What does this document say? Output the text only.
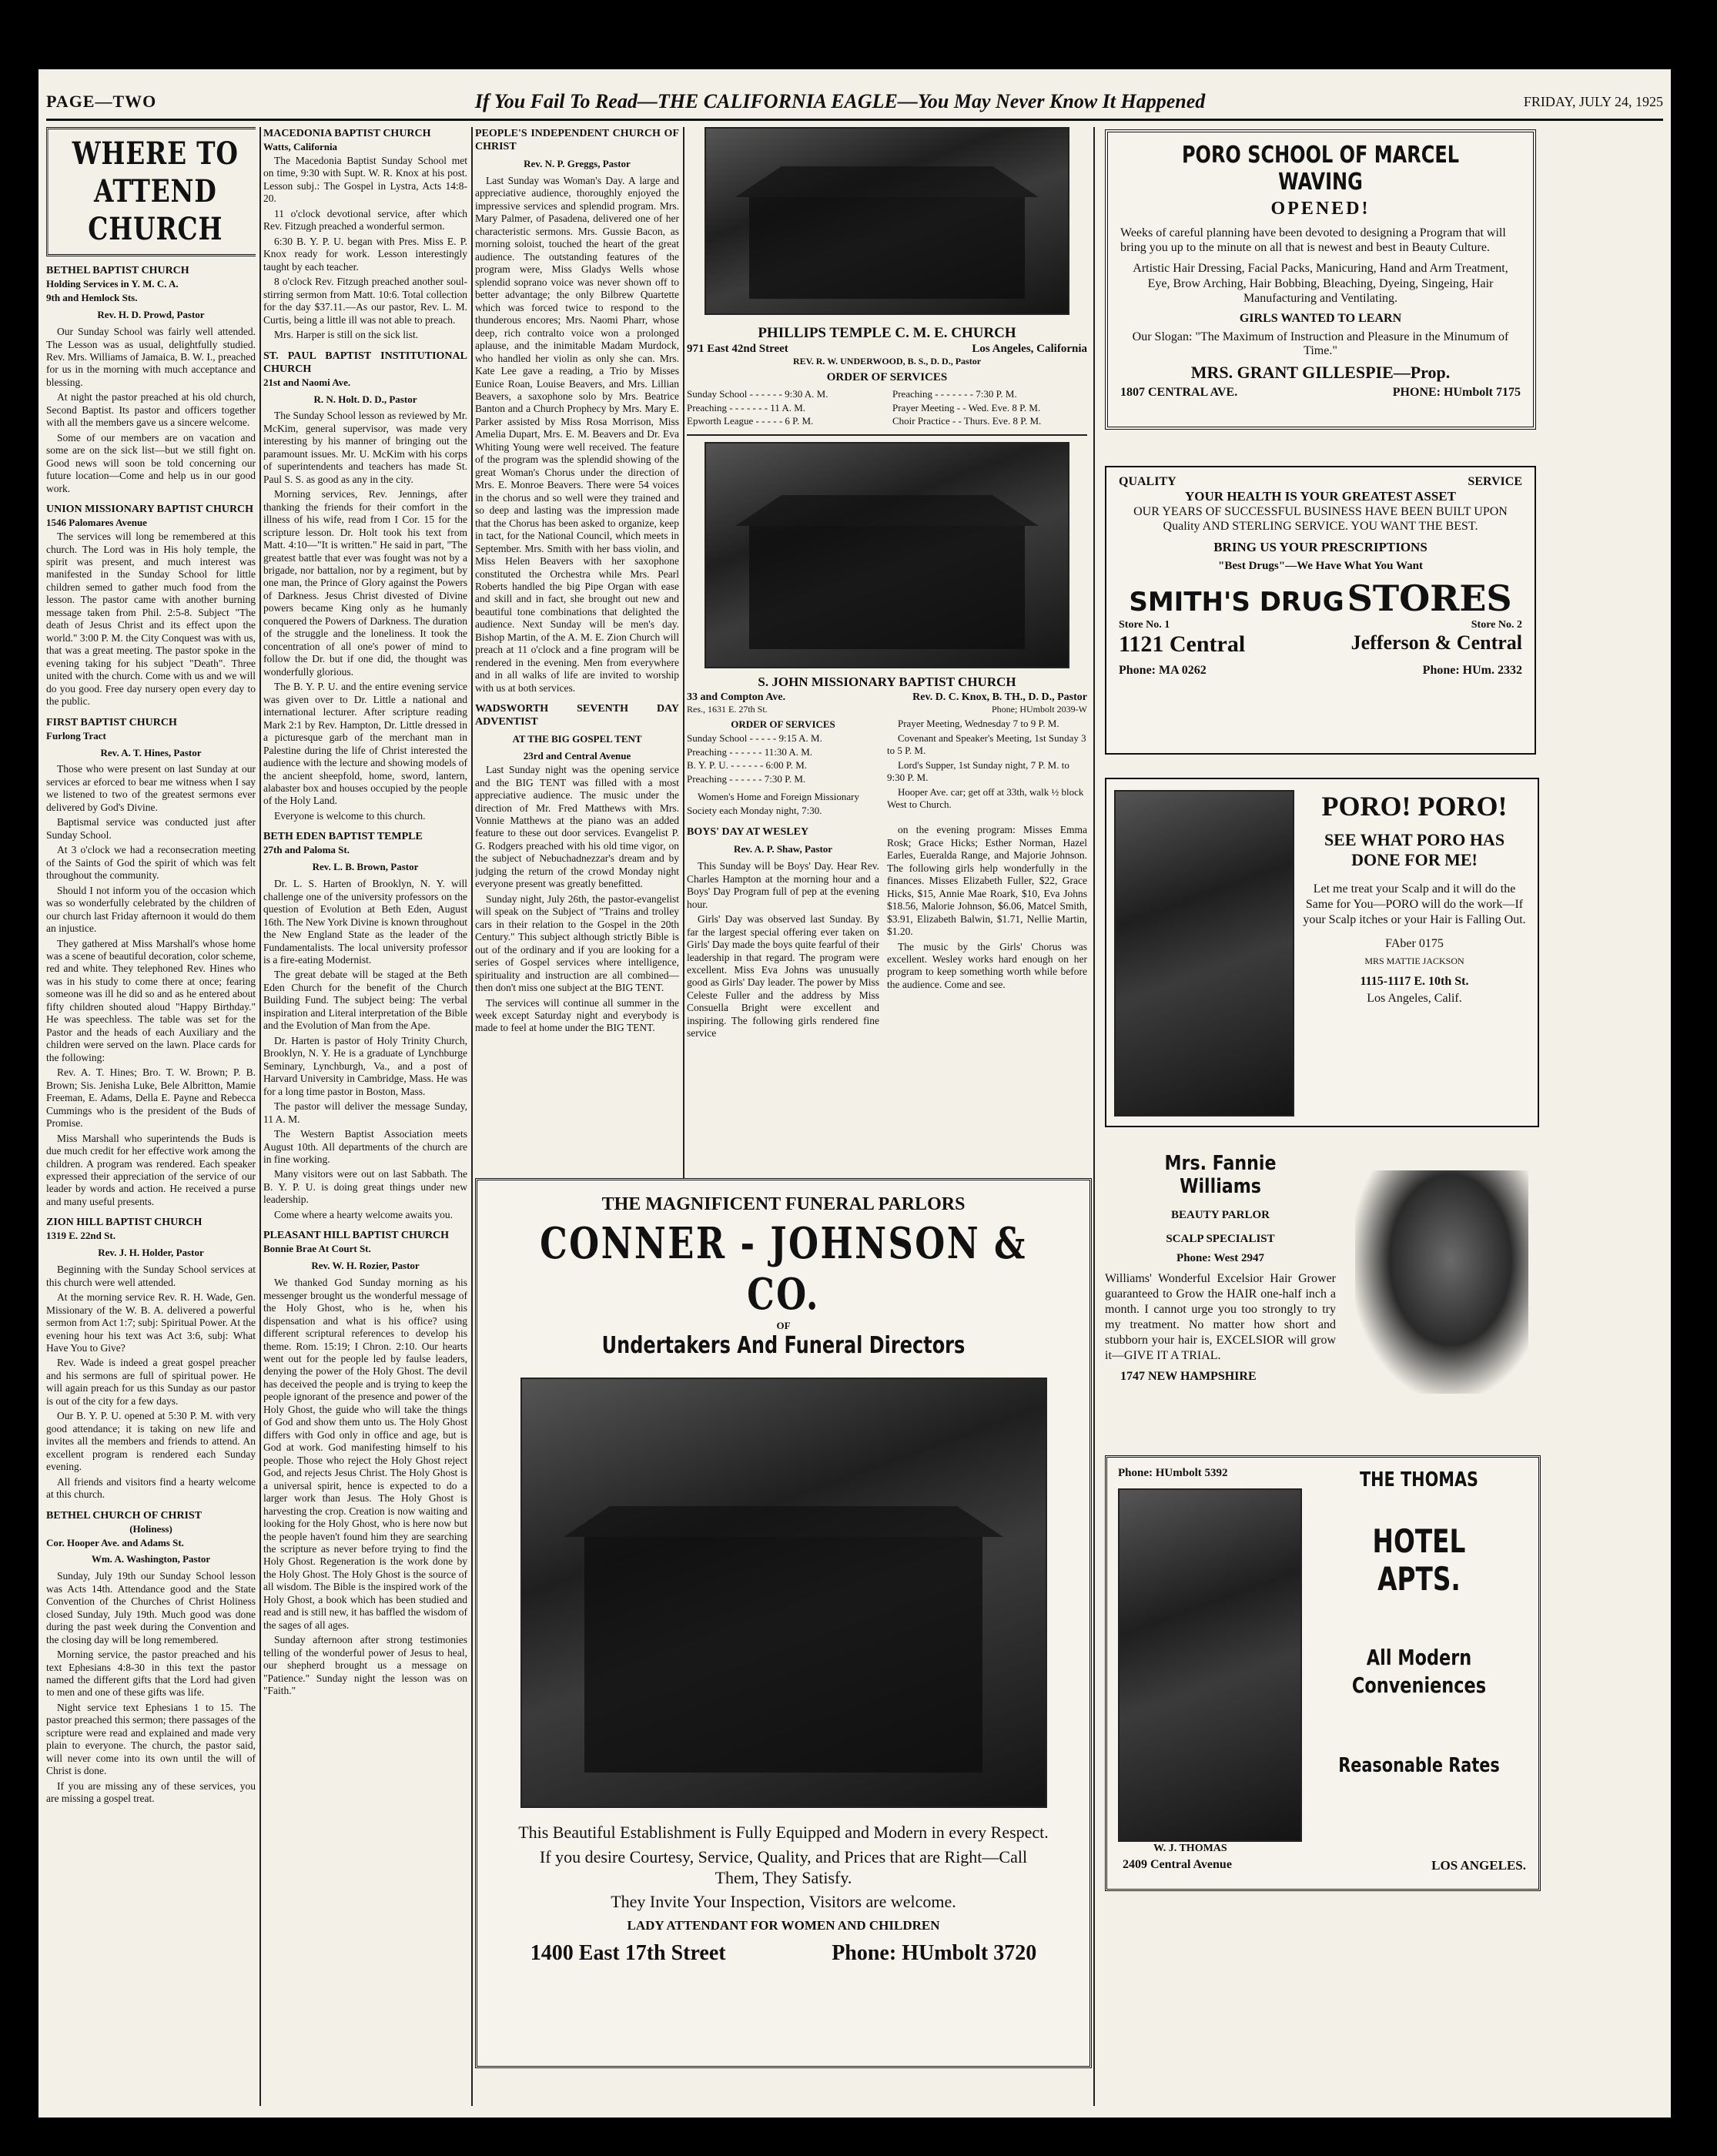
PAGE—TWO	If You Fail To Read—THE CALIFORNIA EAGLE—You May Never Know It Happened	FRIDAY, JULY 24, 1925
WHERE TO ATTEND CHURCH
BETHEL BAPTIST CHURCH
Holding Services in Y. M. C. A.
9th and Hemlock Sts.
Rev. H. D. Prowd, Pastor

Our Sunday School was fairly well attended. The Lesson was as usual, delightfully studied. Rev. Mrs. Williams of Jamaica, B. W. I., preached for us in the morning with much acceptance and blessing.

At night the pastor preached at his old church, Second Baptist. Its pastor and officers together with all the members gave us a sincere welcome.

Some of our members are on vacation and some are on the sick list—but we still fight on. Good news will soon be told concerning our future location—Come and help us in our good work.

UNION MISSIONARY BAPTIST CHURCH
1546 Palomares Avenue

The services will long be remembered at this church. The Lord was in His holy temple, the spirit was present, and much interest was manifested in the Sunday School for little children semed to gather much food from the lesson. The pastor came with another burning message taken from Phil. 2:5-8. Subject "The death of Jesus Christ and its effect upon the world." 3:00 P. M. the City Conquest was with us, that was a great meeting. The pastor spoke in the evening taking for his subject "Death". Three united with the church. Come with us and we will do you good. Free day nursery open every day to the public.

FIRST BAPTIST CHURCH
Furlong Tract
Rev. A. T. Hines, Pastor

Those who were present on last Sunday at our services ar eforced to bear me witness when I say we listened to two of the greatest sermons ever delivered by God's Divine.

Baptismal service was conducted just after Sunday School.

At 3 o'clock we had a reconsecration meeting of the Saints of God the spirit of which was felt throughout the community.

Should I not inform you of the occasion which was so wonderfully celebrated by the children of our church last Friday afternoon it would do them an injustice.

They gathered at Miss Marshall's whose home was a scene of beautiful decoration, color scheme, red and white. They telephoned Rev. Hines who was in his study to come there at once; fearing someone was ill he did so and as he entered about fifty children shouted aloud "Happy Birthday." He was speechless. The table was set for the Pastor and the heads of each Auxiliary and the children were served on the lawn. Place cards for the following:

Rev. A. T. Hines; Bro. T. W. Brown; P. B. Brown; Sis. Jenisha Luke, Bele Albritton, Mamie Freeman, E. Adams, Della E. Payne and Rebecca Cummings who is the president of the Buds of Promise.

Miss Marshall who superintends the Buds is due much credit for her effective work among the children. A program was rendered. Each speaker expressed their appreciation of the service of our leader by words and action. He received a purse and many useful presents.

ZION HILL BAPTIST CHURCH
1319 E. 22nd St.
Rev. J. H. Holder, Pastor

Beginning with the Sunday School services at this church were well attended.

At the morning service Rev. R. H. Wade, Gen. Missionary of the W. B. A. delivered a powerful sermon from Act 1:7; subj: Spiritual Power. At the evening hour his text was Act 3:6, subj: What Have You to Give?

Rev. Wade is indeed a great gospel preacher and his sermons are full of spiritual power. He will again preach for us this Sunday as our pastor is out of the city for a few days.

Our B. Y. P. U. opened at 5:30 P. M. with very good attendance; it is taking on new life and invites all the members and friends to attend. An excellent program is rendered each Sunday evening.

All friends and visitors find a hearty welcome at this church.

BETHEL CHURCH OF CHRIST
(Holiness)
Cor. Hooper Ave. and Adams St.
Wm. A. Washington, Pastor

Sunday, July 19th our Sunday School lesson was Acts 14th. Attendance good and the State Convention of the Churches of Christ Holiness closed Sunday, July 19th. Much good was done during the past week during the Convention and the closing day will be long remembered.

Morning service, the pastor preached and his text Ephesians 4:8-30 in this text the pastor named the different gifts that the Lord had given to men and one of these gifts was life.

Night service text Ephesians 1 to 15. The pastor preached this sermon; there passages of the scripture were read and explained and made very plain to everyone. The church, the pastor said, will never come into its own until the will of Christ is done.

If you are missing any of these services, you are missing a gospel treat.

MACEDONIA BAPTIST CHURCH
Watts, California

The Macedonia Baptist Sunday School met on time, 9:30 with Supt. W. R. Knox at his post. Lesson subj.: The Gospel in Lystra, Acts 14:8-20.

11 o'clock devotional service, after which Rev. Fitzugh preached a wonderful sermon.

6:30 B. Y. P. U. began with Pres. Miss E. P. Knox ready for work. Lesson interestingly taught by each teacher.

8 o'clock Rev. Fitzugh preached another soul-stirring sermon from Matt. 10:6. Total collection for the day $37.11.—As our pastor, Rev. L. M. Curtis, being a little ill was not able to preach.

Mrs. Harper is still on the sick list.

ST. PAUL BAPTIST INSTITUTIONAL CHURCH
21st and Naomi Ave.
R. N. Holt. D. D., Pastor

The Sunday School lesson as reviewed by Mr. McKim, general supervisor, was made very interesting by his manner of bringing out the paramount issues. Mr. U. McKim with his corps of superintendents and teachers has made St. Paul S. S. as good as any in the city.

Morning services, Rev. Jennings, after thanking the friends for their comfort in the illness of his wife, read from I Cor. 15 for the scripture lesson. Dr. Holt took his text from Matt. 4:10—"It is written." He said in part, "The greatest battle that ever was fought was not by a brigade, nor battalion, nor by a regiment, but by one man, the Prince of Glory against the Powers of Darkness. Jesus Christ divested of Divine powers became King only as he humanly conquered the Powers of Darkness. The duration of the struggle and the loneliness. It took the concentration of all one's power of mind to follow the Dr. but if one did, the thought was wonderfully glorious.

The B. Y. P. U. and the entire evening service was given over to Dr. Little a national and international lecturer. After scripture reading Mark 2:1 by Rev. Hampton, Dr. Little dressed in a picturesque garb of the merchant man in Palestine during the life of Christ interested the audience with the lecture and showing models of the ancient sheepfold, home, sword, lantern, alabaster box and houses occupied by the people of the Holy Land.

Everyone is welcome to this church.

BETH EDEN BAPTIST TEMPLE
27th and Paloma St.
Rev. L. B. Brown, Pastor

Dr. L. S. Harten of Brooklyn, N. Y. will challenge one of the university professors on the question of Evolution at Beth Eden, August 16th. The New York Divine is known throughout the New England State as the leader of the Fundamentalists. The local university professor is a fire-eating Modernist.

The great debate will be staged at the Beth Eden Church for the benefit of the Church Building Fund. The subject being: The verbal inspiration and Literal interpretation of the Bible and the Evolution of Man from the Ape.

Dr. Harten is pastor of Holy Trinity Church, Brooklyn, N. Y. He is a graduate of Lynchburge Seminary, Lynchburgh, Va., and a post of Harvard University in Cambridge, Mass. He was for a long time pastor in Boston, Mass.

The pastor will deliver the message Sunday, 11 A. M.

The Western Baptist Association meets August 10th. All departments of the church are in fine working.

Many visitors were out on last Sabbath. The B. Y. P. U. is doing great things under new leadership.

Come where a hearty welcome awaits you.

PLEASANT HILL BAPTIST CHURCH
Bonnie Brae At Court St.
Rev. W. H. Rozier, Pastor

We thanked God Sunday morning as his messenger brought us the wonderful message of the Holy Ghost, who is he, when his dispensation and what is his office? using different scriptural references to develop his theme. Rom. 15:19; I Chron. 2:10. Our hearts went out for the people led by faulse leaders, denying the power of the Holy Ghost. The devil has deceived the people and is trying to keep the people ignorant of the presence and power of the Holy Ghost, the guide who will take the things of God and show them unto us. The Holy Ghost differs with God only in office and age, but is God at work. God manifesting himself to his people. Those who reject the Holy Ghost reject God, and rejects Jesus Christ. The Holy Ghost is a universal spirit, hence is expected to do a larger work than Jesus. The Holy Ghost is harvesting the crop. Creation is now waiting and looking for the Holy Ghost, who is here now but the people haven't found him they are searching the scripture as never before trying to find the Holy Ghost. Regeneration is the work done by the Holy Ghost. The Holy Ghost is the source of all wisdom. The Bible is the inspired work of the Holy Ghost, a book which has been studied and read and is still new, it has baffled the wisdom of the sages of all ages.

Sunday afternoon after strong testimonies telling of the wonderful power of Jesus to heal, our shepherd brought us a message on "Patience." Sunday night the lesson was on "Faith."

PEOPLE'S INDEPENDENT CHURCH OF CHRIST
Rev. N. P. Greggs, Pastor

Last Sunday was Woman's Day. A large and appreciative audience, thoroughly enjoyed the impressive services and splendid program. Mrs. Mary Palmer, of Pasadena, delivered one of her characteristic sermons. Mrs. Gussie Bacon, as morning soloist, touched the heart of the great audience. The outstanding features of the program were, Miss Gladys Wells whose splendid soprano voice was never shown off to better advantage; the only Bilbrew Quartette which was forced twice to respond to the thunderous encores; Mrs. Naomi Pharr, whose deep, rich contralto voice won a prolonged aplause, and the inimitable Madam Murdock, who handled her violin as only she can. Mrs. Kate Lee gave a reading, a Trio by Misses Eunice Roan, Louise Beavers, and Mrs. Lillian Beavers, a saxophone solo by Mrs. Beatrice Banton and a Church Prophecy by Mrs. Mary E. Parker assisted by Miss Rosa Morrison, Miss Amelia Dupart, Mrs. E. M. Beavers and Dr. Eva Whiting Young were well received. The feature of the program was the splendid showing of the great Woman's Chorus under the direction of Mrs. E. Monroe Beavers. There were 54 voices in the chorus and so well were they trained and so deep and lasting was the impression made that the Chorus has been asked to organize, keep in tact, for the National Council, which meets in September. Mrs. Smith with her bass violin, and Miss Helen Beavers with her saxophone constituted the Orchestra while Mrs. Pearl Roberts handled the big Pipe Organ with ease and skill and in fact, she brought out new and beautiful tone combinations that delighted the audience. Next Sunday will be men's day. Bishop Martin, of the A. M. E. Zion Church will preach at 11 o'clock and a fine program will be rendered in the evening. Men from everywhere and in all walks of life are invited to worship with us at both services.

WADSWORTH SEVENTH DAY ADVENTIST
AT THE BIG GOSPEL TENT
23rd and Central Avenue

Last Sunday night was the opening service and the BIG TENT was filled with a most appreciative audience. The music under the direction of Mr. Fred Matthews with Mrs. Vonnie Matthews at the piano was an added feature to these out door services. Evangelist P. G. Rodgers preached with his old time vigor, on the subject of Nebuchadnezzar's dream and by judging the return of the crowd Monday night everyone present was greatly benefitted.

Sunday night, July 26th, the pastor-evangelist will speak on the Subject of "Trains and trolley cars in their relation to the Gospel in the 20th Century." This subject although strictly Bible is out of the ordinary and if you are looking for a series of Gospel services where intelligence, spirituality and instruction are all combined—then don't miss one subject at the BIG TENT.

The services will continue all summer in the week except Saturday night and everybody is made to feel at home under the BIG TENT.

PHILLIPS TEMPLE C. M. E. CHURCH
971 East 42nd Street	Los Angeles, California
REV. R. W. UNDERWOOD, B. S., D. D., Pastor
ORDER OF SERVICES
Sunday School - - - - - - 9:30 A. M.	Preaching - - - - - - - 7:30 P. M.
Preaching - - - - - - - 11 A. M.	Prayer Meeting - - Wed. Eve. 8 P. M.
Epworth League - - - - - 6 P. M.	Choir Practice - - Thurs. Eve. 8 P. M.
S. JOHN MISSIONARY BAPTIST CHURCH
33 and Compton Ave.	Rev. D. C. Knox, B. TH., D. D., Pastor
Res., 1631 E. 27th St.	Phone; HUmbolt 2039-W
ORDER OF SERVICES
Sunday School - - - - - 9:15 A. M.
Preaching - - - - - - 11:30 A. M.
B. Y. P. U. - - - - - - 6:00 P. M.
Preaching - - - - - - 7:30 P. M.

Women's Home and Foreign Missionary Society each Monday night, 7:30.

Prayer Meeting, Wednesday 7 to 9 P. M.

Covenant and Speaker's Meeting, 1st Sunday 3 to 5 P. M.

Lord's Supper, 1st Sunday night, 7 P. M. to 9:30 P. M.

Hooper Ave. car; get off at 33th, walk ½ block West to Church.

BOYS' DAY AT WESLEY
Rev. A. P. Shaw, Pastor

This Sunday will be Boys' Day. Hear Rev. Charles Hampton at the morning hour and a Boys' Day Program full of pep at the evening hour.

Girls' Day was observed last Sunday. By far the largest special offering ever taken on Girls' Day made the boys quite fearful of their leadership in that regard. The program were excellent. Miss Eva Johns was unusually good as Girls' Day leader. The power by Miss Celeste Fuller and the address by Miss Consuella Bright were excellent and inspiring. The following girls rendered fine service

on the evening program: Misses Emma Rosk; Grace Hicks; Esther Norman, Hazel Earles, Eueralda Range, and Majorie Johnson. The following girls help wonderfully in the finances. Misses Elizabeth Fuller, $22, Grace Hicks, $15, Annie Mae Roark, $10, Eva Johns $18.56, Malorie Johnson, $6.06, Matcel Smith, $3.91, Elizabeth Balwin, $1.71, Nellie Martin, $1.20.

The music by the Girls' Chorus was excellent. Wesley works hard enough on her program to keep something worth while before the audience. Come and see.

THE MAGNIFICENT FUNERAL PARLORS
CONNER - JOHNSON & CO.
OF
Undertakers And Funeral Directors
This Beautiful Establishment is Fully Equipped and Modern in every Respect.
If you desire Courtesy, Service, Quality, and Prices that are Right—Call Them, They Satisfy.
They Invite Your Inspection, Visitors are welcome.
LADY ATTENDANT FOR WOMEN AND CHILDREN
1400 East 17th Street	Phone: HUmbolt 3720
PORO SCHOOL OF MARCEL WAVING
OPENED!
Weeks of careful planning have been devoted to designing a Program that will bring you up to the minute on all that is newest and best in Beauty Culture.
Artistic Hair Dressing, Facial Packs, Manicuring, Hand and Arm Treatment, Eye, Brow Arching, Hair Bobbing, Bleaching, Dyeing, Singeing, Hair Manufacturing and Ventilating.
GIRLS WANTED TO LEARN
Our Slogan: "The Maximum of Instruction and Pleasure in the Minumum of Time."
MRS. GRANT GILLESPIE—Prop.
1807 CENTRAL AVE.	PHONE: HUmbolt 7175
QUALITY	SERVICE
YOUR HEALTH IS YOUR GREATEST ASSET
OUR YEARS OF SUCCESSFUL BUSINESS HAVE BEEN BUILT UPON Quality AND STERLING SERVICE. YOU WANT THE BEST.
BRING US YOUR PRESCRIPTIONS
"Best Drugs"—We Have What You Want
SMITH'S DRUG STORES
Store No. 1	Store No. 2
1121 Central	Jefferson & Central
Phone: MA 0262	Phone: HUm. 2332
PORO! PORO!
SEE WHAT PORO HAS DONE FOR ME!
Let me treat your Scalp and it will do the Same for You—PORO will do the work—If your Scalp itches or your Hair is Falling Out.
FAber 0175
MRS MATTIE JACKSON
1115-1117 E. 10th St.
Los Angeles, Calif.
Mrs. Fannie Williams
BEAUTY PARLOR
SCALP SPECIALIST
Phone: West 2947
Williams' Wonderful Excelsior Hair Grower guaranteed to Grow the HAIR one-half inch a month. I cannot urge you too strongly to try my treatment. No matter how short and stubborn your hair is, EXCELSIOR will grow it—GIVE IT A TRIAL.
1747 NEW HAMPSHIRE
Phone: HUmbolt 5392
W. J. THOMAS
2409 Central Avenue
THE THOMAS
HOTEL APTS.
All Modern Conveniences
Reasonable Rates
LOS ANGELES.
